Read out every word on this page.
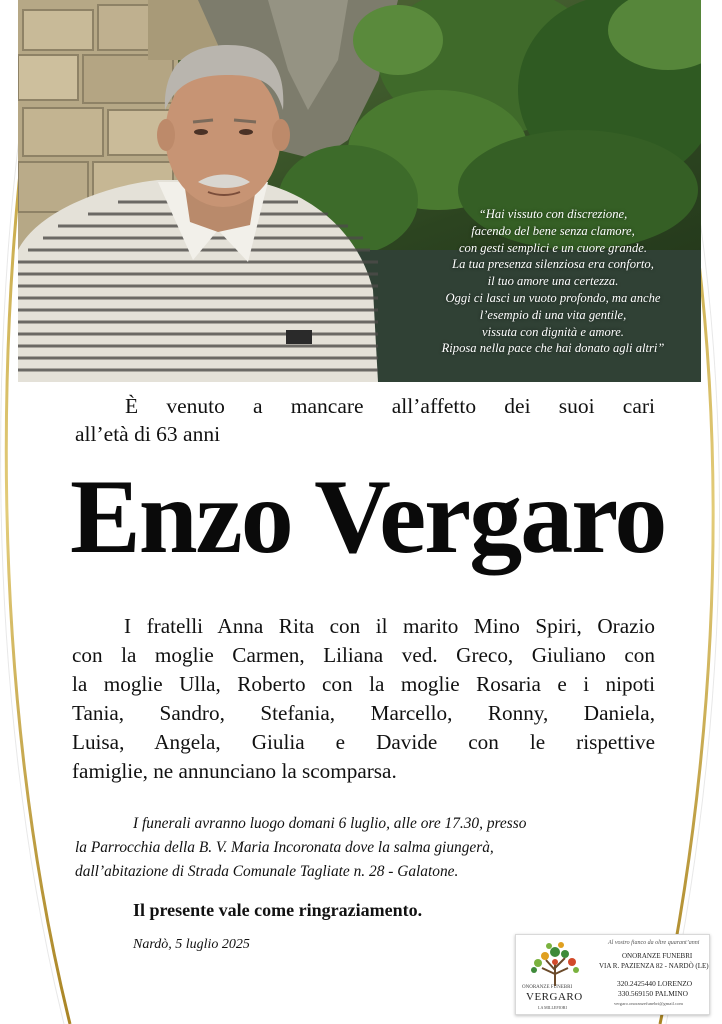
“Hai vissuto con discrezione,
facendo del bene senza clamore,
con gesti semplici e un cuore grande.
La tua presenza silenziosa era conforto,
il tuo amore una certezza.
Oggi ci lasci un vuoto profondo, ma anche
l’esempio di una vita gentile,
vissuta con dignità e amore.
Riposa nella pace che hai donato agli altri”
È venuto a mancare all’affetto dei suoi cari
all’età di 63 anni
Enzo Vergaro
I fratelli Anna Rita con il marito Mino Spiri, Orazio
con la moglie Carmen, Liliana ved. Greco, Giuliano con
la moglie Ulla, Roberto con la moglie Rosaria e i nipoti
Tania, Sandro, Stefania, Marcello, Ronny, Daniela,
Luisa, Angela, Giulia e Davide con le rispettive
famiglie, ne annunciano la scomparsa.
I funerali avranno luogo domani 6 luglio, alle ore 17.30, presso
la Parrocchia della B. V. Maria Incoronata dove la salma giungerà,
dall’abitazione di Strada Comunale Tagliate n. 28 - Galatone.
Il presente vale come ringraziamento.
Nardò, 5 luglio 2025
ONORANZE FUNEBRI
VERGARO
LA MILLEFIORI
Al vostro fianco da oltre quarant’anni
ONORANZE FUNEBRI
VIA R. PAZIENZA 82 - NARDÒ (LE)
320.2425440 LORENZO
330.569150 PALMINO
vergaro.onoranzefunebri@gmail.com
